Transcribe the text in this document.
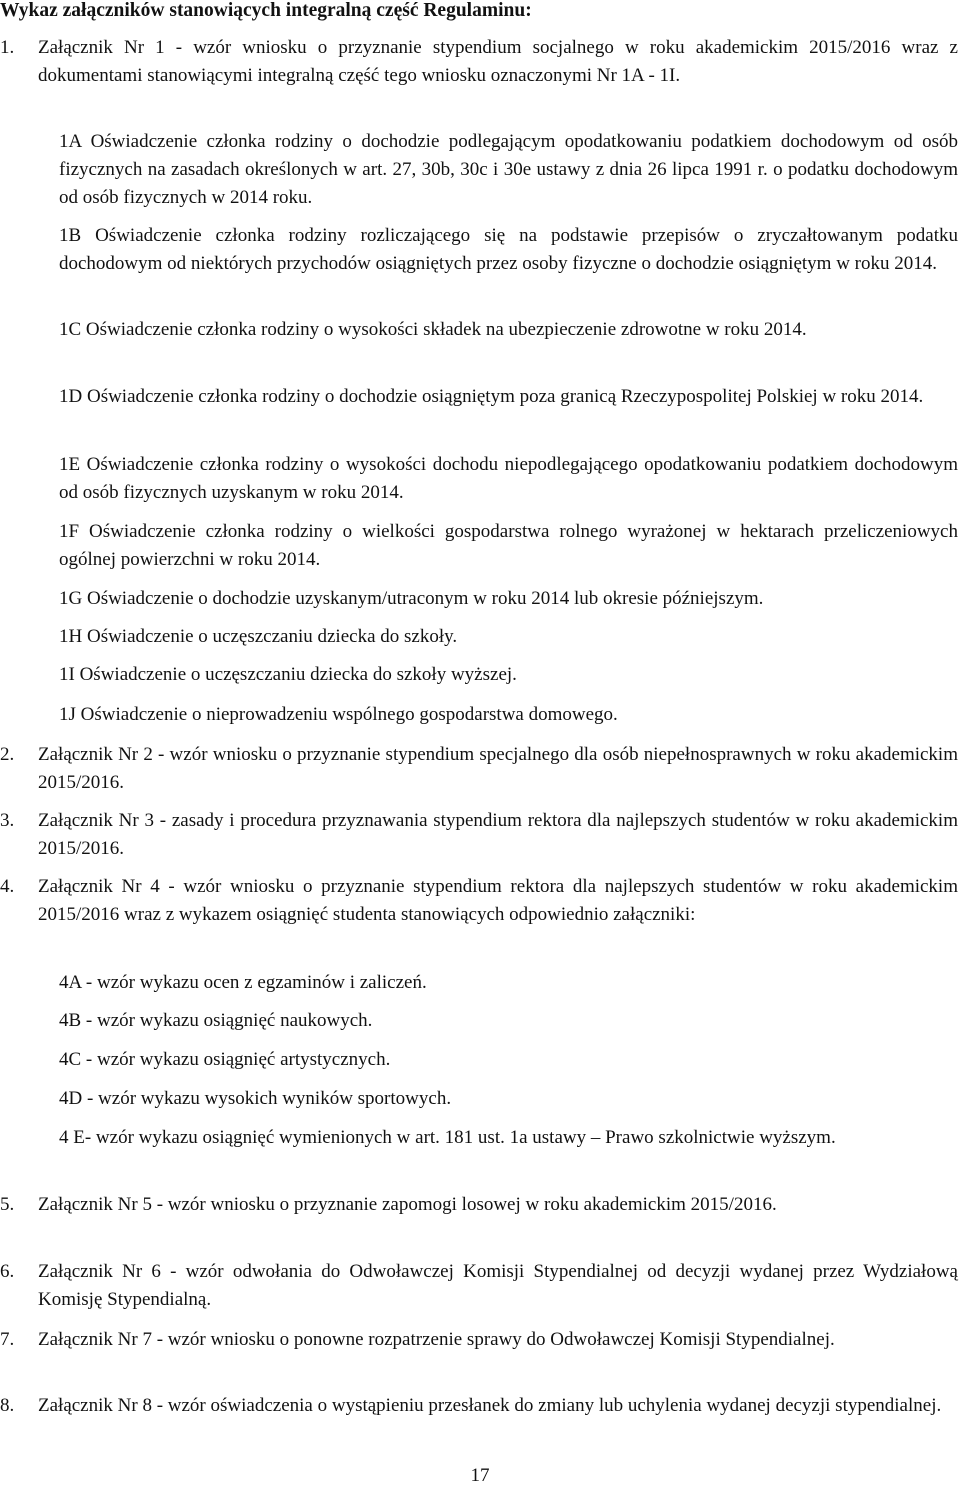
Wykaz załączników stanowiących integralną część Regulaminu:
1.	Załącznik Nr 1 - wzór wniosku o przyznanie stypendium socjalnego w roku akademickim 2015/2016 wraz z dokumentami stanowiącymi integralną część tego wniosku oznaczonymi Nr 1A - 1I.
1A Oświadczenie członka rodziny o dochodzie podlegającym opodatkowaniu podatkiem dochodowym od osób fizycznych na zasadach określonych w art. 27, 30b, 30c i 30e ustawy z dnia 26 lipca 1991 r. o podatku dochodowym od osób fizycznych w 2014 roku.
1B Oświadczenie członka rodziny rozliczającego się na podstawie przepisów o zryczałtowanym podatku dochodowym od niektórych przychodów osiągniętych przez osoby fizyczne o dochodzie osiągniętym w roku 2014.
1C Oświadczenie członka rodziny o wysokości składek na ubezpieczenie zdrowotne w roku 2014.
1D Oświadczenie członka rodziny o dochodzie osiągniętym poza granicą Rzeczypospolitej Polskiej w roku 2014.
1E Oświadczenie członka rodziny o wysokości dochodu niepodlegającego opodatkowaniu podatkiem dochodowym od osób fizycznych uzyskanym w roku 2014.
1F Oświadczenie członka rodziny o wielkości gospodarstwa rolnego wyrażonej w hektarach przeliczeniowych ogólnej powierzchni w roku 2014.
1G Oświadczenie o dochodzie uzyskanym/utraconym w roku 2014 lub okresie późniejszym.
1H Oświadczenie o uczęszczaniu dziecka do szkoły.
1I Oświadczenie o uczęszczaniu dziecka do szkoły wyższej.
1J Oświadczenie o nieprowadzeniu wspólnego gospodarstwa domowego.
2.	Załącznik Nr 2 - wzór wniosku o przyznanie stypendium specjalnego dla osób niepełnosprawnych w roku akademickim 2015/2016.
3.	Załącznik Nr 3 - zasady i procedura przyznawania stypendium rektora dla najlepszych studentów w roku akademickim 2015/2016.
4.	Załącznik Nr 4 - wzór wniosku o przyznanie stypendium rektora dla najlepszych studentów w roku akademickim 2015/2016 wraz z wykazem osiągnięć studenta stanowiących odpowiednio załączniki:
4A - wzór wykazu ocen z egzaminów i zaliczeń.
4B - wzór wykazu osiągnięć naukowych.
4C - wzór wykazu osiągnięć artystycznych.
4D - wzór wykazu wysokich wyników sportowych.
4 E- wzór wykazu osiągnięć wymienionych w art. 181 ust. 1a ustawy – Prawo szkolnictwie wyższym.
5.	Załącznik Nr 5 - wzór wniosku o przyznanie zapomogi losowej w roku akademickim 2015/2016.
6.	Załącznik Nr 6 - wzór odwołania do Odwoławczej Komisji Stypendialnej od decyzji wydanej przez Wydziałową Komisję Stypendialną.
7.	Załącznik Nr 7 - wzór wniosku o ponowne rozpatrzenie sprawy do Odwoławczej Komisji Stypendialnej.
8.	Załącznik Nr 8 - wzór oświadczenia o wystąpieniu przesłanek do zmiany lub uchylenia wydanej decyzji stypendialnej.
17
